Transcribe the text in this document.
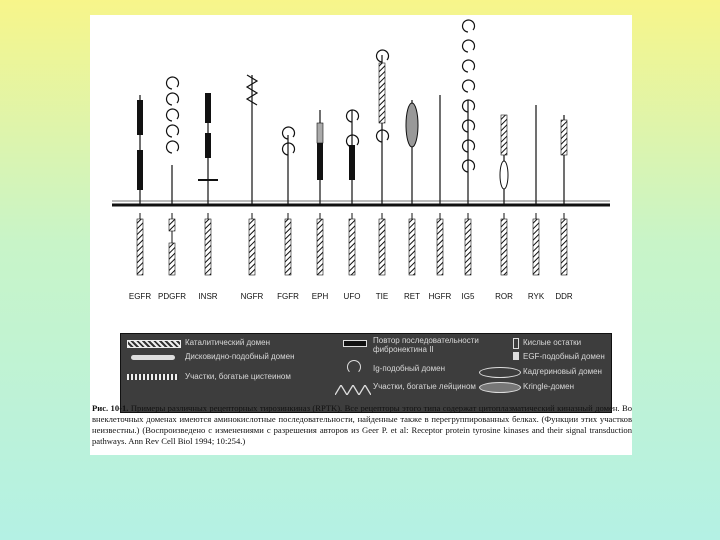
EGFR PDGFR INSR	NGFR FGFR EPH UFO TIE RET HGFR IG5	ROR RYK DDR
Каталитический домен
Дисковидно-подобный домен
Участки, богатые цистеином
Повтор последовательности фибронектина II
Ig-подобный домен
Участки, богатые лейцином
Кислые остатки
EGF-подобный домен
Кадгериновый домен
Kringle-домен
Рис. 10-1. Примеры различных рецепторных тирозинкиназ (RPTK). Все рецепторы этого типа содержат цитоплазматический киназный домен. Во внеклеточных доменах имеются аминокислотные последовательности, найденные также в перегруппированных белках. (Функции этих участков неизвестны.) (Воспроизведено с изменениями с разрешения авторов из Geer P. et al: Receptor protein tyrosine kinases and their signal transduction pathways. Ann Rev Cell Biol 1994; 10:254.)
